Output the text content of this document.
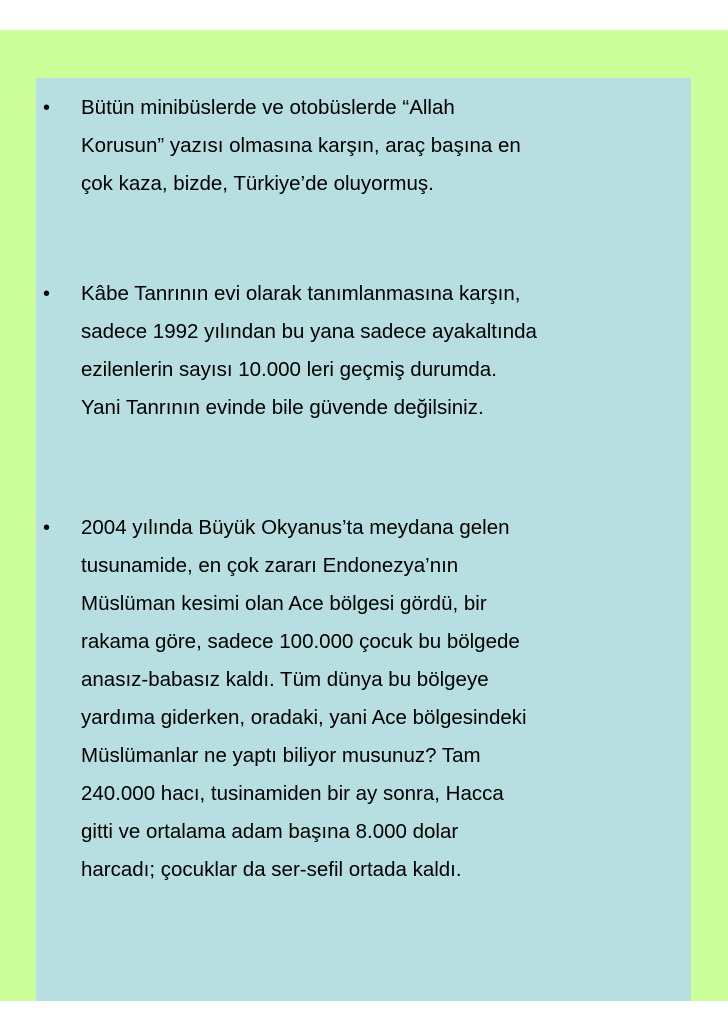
• Bütün minibüslerde ve otobüslerde “Allah
Korusun” yazısı olmasına karşın, araç başına en
çok kaza, bizde, Türkiye’de oluyormuş.
• Kâbe Tanrının evi olarak tanımlanmasına karşın,
sadece 1992 yılından bu yana sadece ayakaltında
ezilenlerin sayısı 10.000 leri geçmiş durumda.
Yani Tanrının evinde bile güvende değilsiniz.
• 2004 yılında Büyük Okyanus’ta meydana gelen
tusunamide, en çok zararı Endonezya’nın
Müslüman kesimi olan Ace bölgesi gördü, bir
rakama göre, sadece 100.000 çocuk bu bölgede
anasız-babasız kaldı. Tüm dünya bu bölgeye
yardıma giderken, oradaki, yani Ace bölgesindeki
Müslümanlar ne yaptı biliyor musunuz? Tam
240.000 hacı, tusinamiden bir ay sonra, Hacca
gitti ve ortalama adam başına 8.000 dolar
harcadı; çocuklar da ser-sefil ortada kaldı.
